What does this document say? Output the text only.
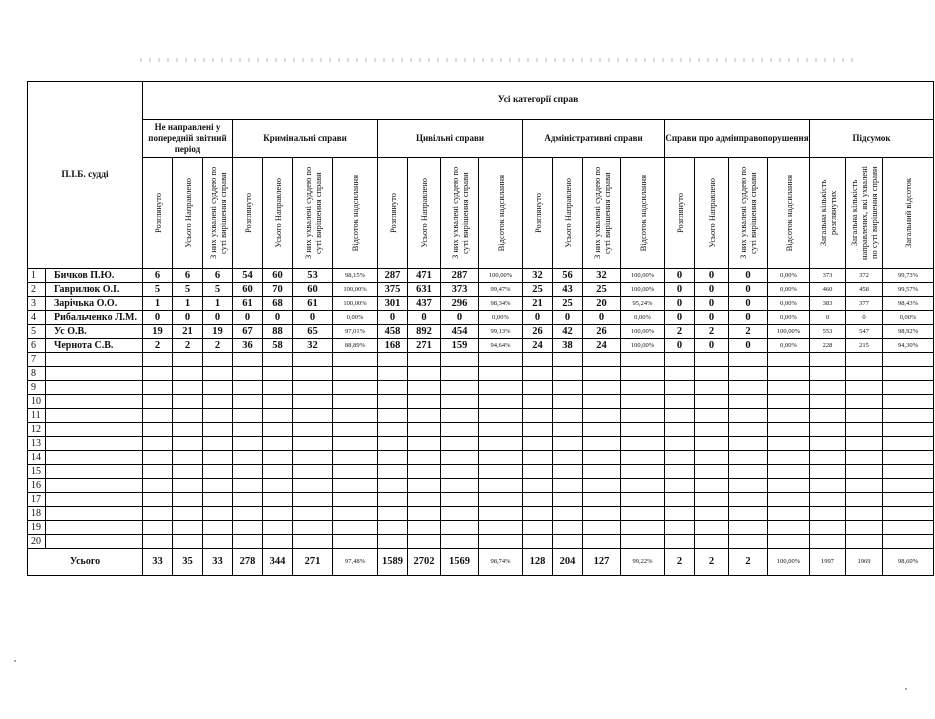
П.І.Б. судді		Усі категорії справ																					
		Не направлені у попередній звітний період			Кримінальні справи				Цивільні справи				Адміністративні справи				Справи про адмінправопорушення				Підсумок		

		Розглянуто	Усього Направлено	З них ухвалені суддею по суті вирішення справи	Розглянуто	Усього Направлено	З них ухвалені суддею по суті вирішення справи	Відсоток надсилання	Розглянуто	Усього Направлено	З них ухвалені суддею по суті вирішення справи	Відсоток надсилання	Розглянуто	Усього Направлено	З них ухвалені суддею по суті вирішення справи	Відсоток надсилання	Розглянуто	Усього Направлено	З них ухвалені суддею по суті вирішення справи	Відсоток надсилання	Загальна кількість розглянутих	Загальна кількість направлених, які ухвалені по суті вирішення справи	Загальний відсоток

1	Бичков П.Ю.	6	6	6	54	60	53	98,15%	287	471	287	100,00%	32	56	32	100,00%	0	0	0	0,00%	373	372	99,73%
2	Гаврилюк О.І.	5	5	5	60	70	60	100,00%	375	631	373	99,47%	25	43	25	100,00%	0	0	0	0,00%	460	458	99,57%
3	Зарічька О.О.	1	1	1	61	68	61	100,00%	301	437	296	98,34%	21	25	20	95,24%	0	0	0	0,00%	383	377	98,43%
4	Рибальченко Л.М.	0	0	0	0	0	0	0,00%	0	0	0	0,00%	0	0	0	0,00%	0	0	0	0,00%	0	0	0,00%
5	Ус О.В.	19	21	19	67	88	65	97,01%	458	892	454	99,13%	26	42	26	100,00%	2	2	2	100,00%	553	547	98,92%
6	Чернота С.В.	2	2	2	36	58	32	88,89%	168	271	159	94,64%	24	38	24	100,00%	0	0	0	0,00%	228	215	94,30%
7																							
8																							
9																							
10																							
11																							
12																							
13																							
14																							
15																							
16																							
17																							
18																							
19																							
20																							
Усього		33	35	33	278	344	271	97,48%	1589	2702	1569	98,74%	128	204	127	99,22%	2	2	2	100,00%	1997	1969	98,60%
